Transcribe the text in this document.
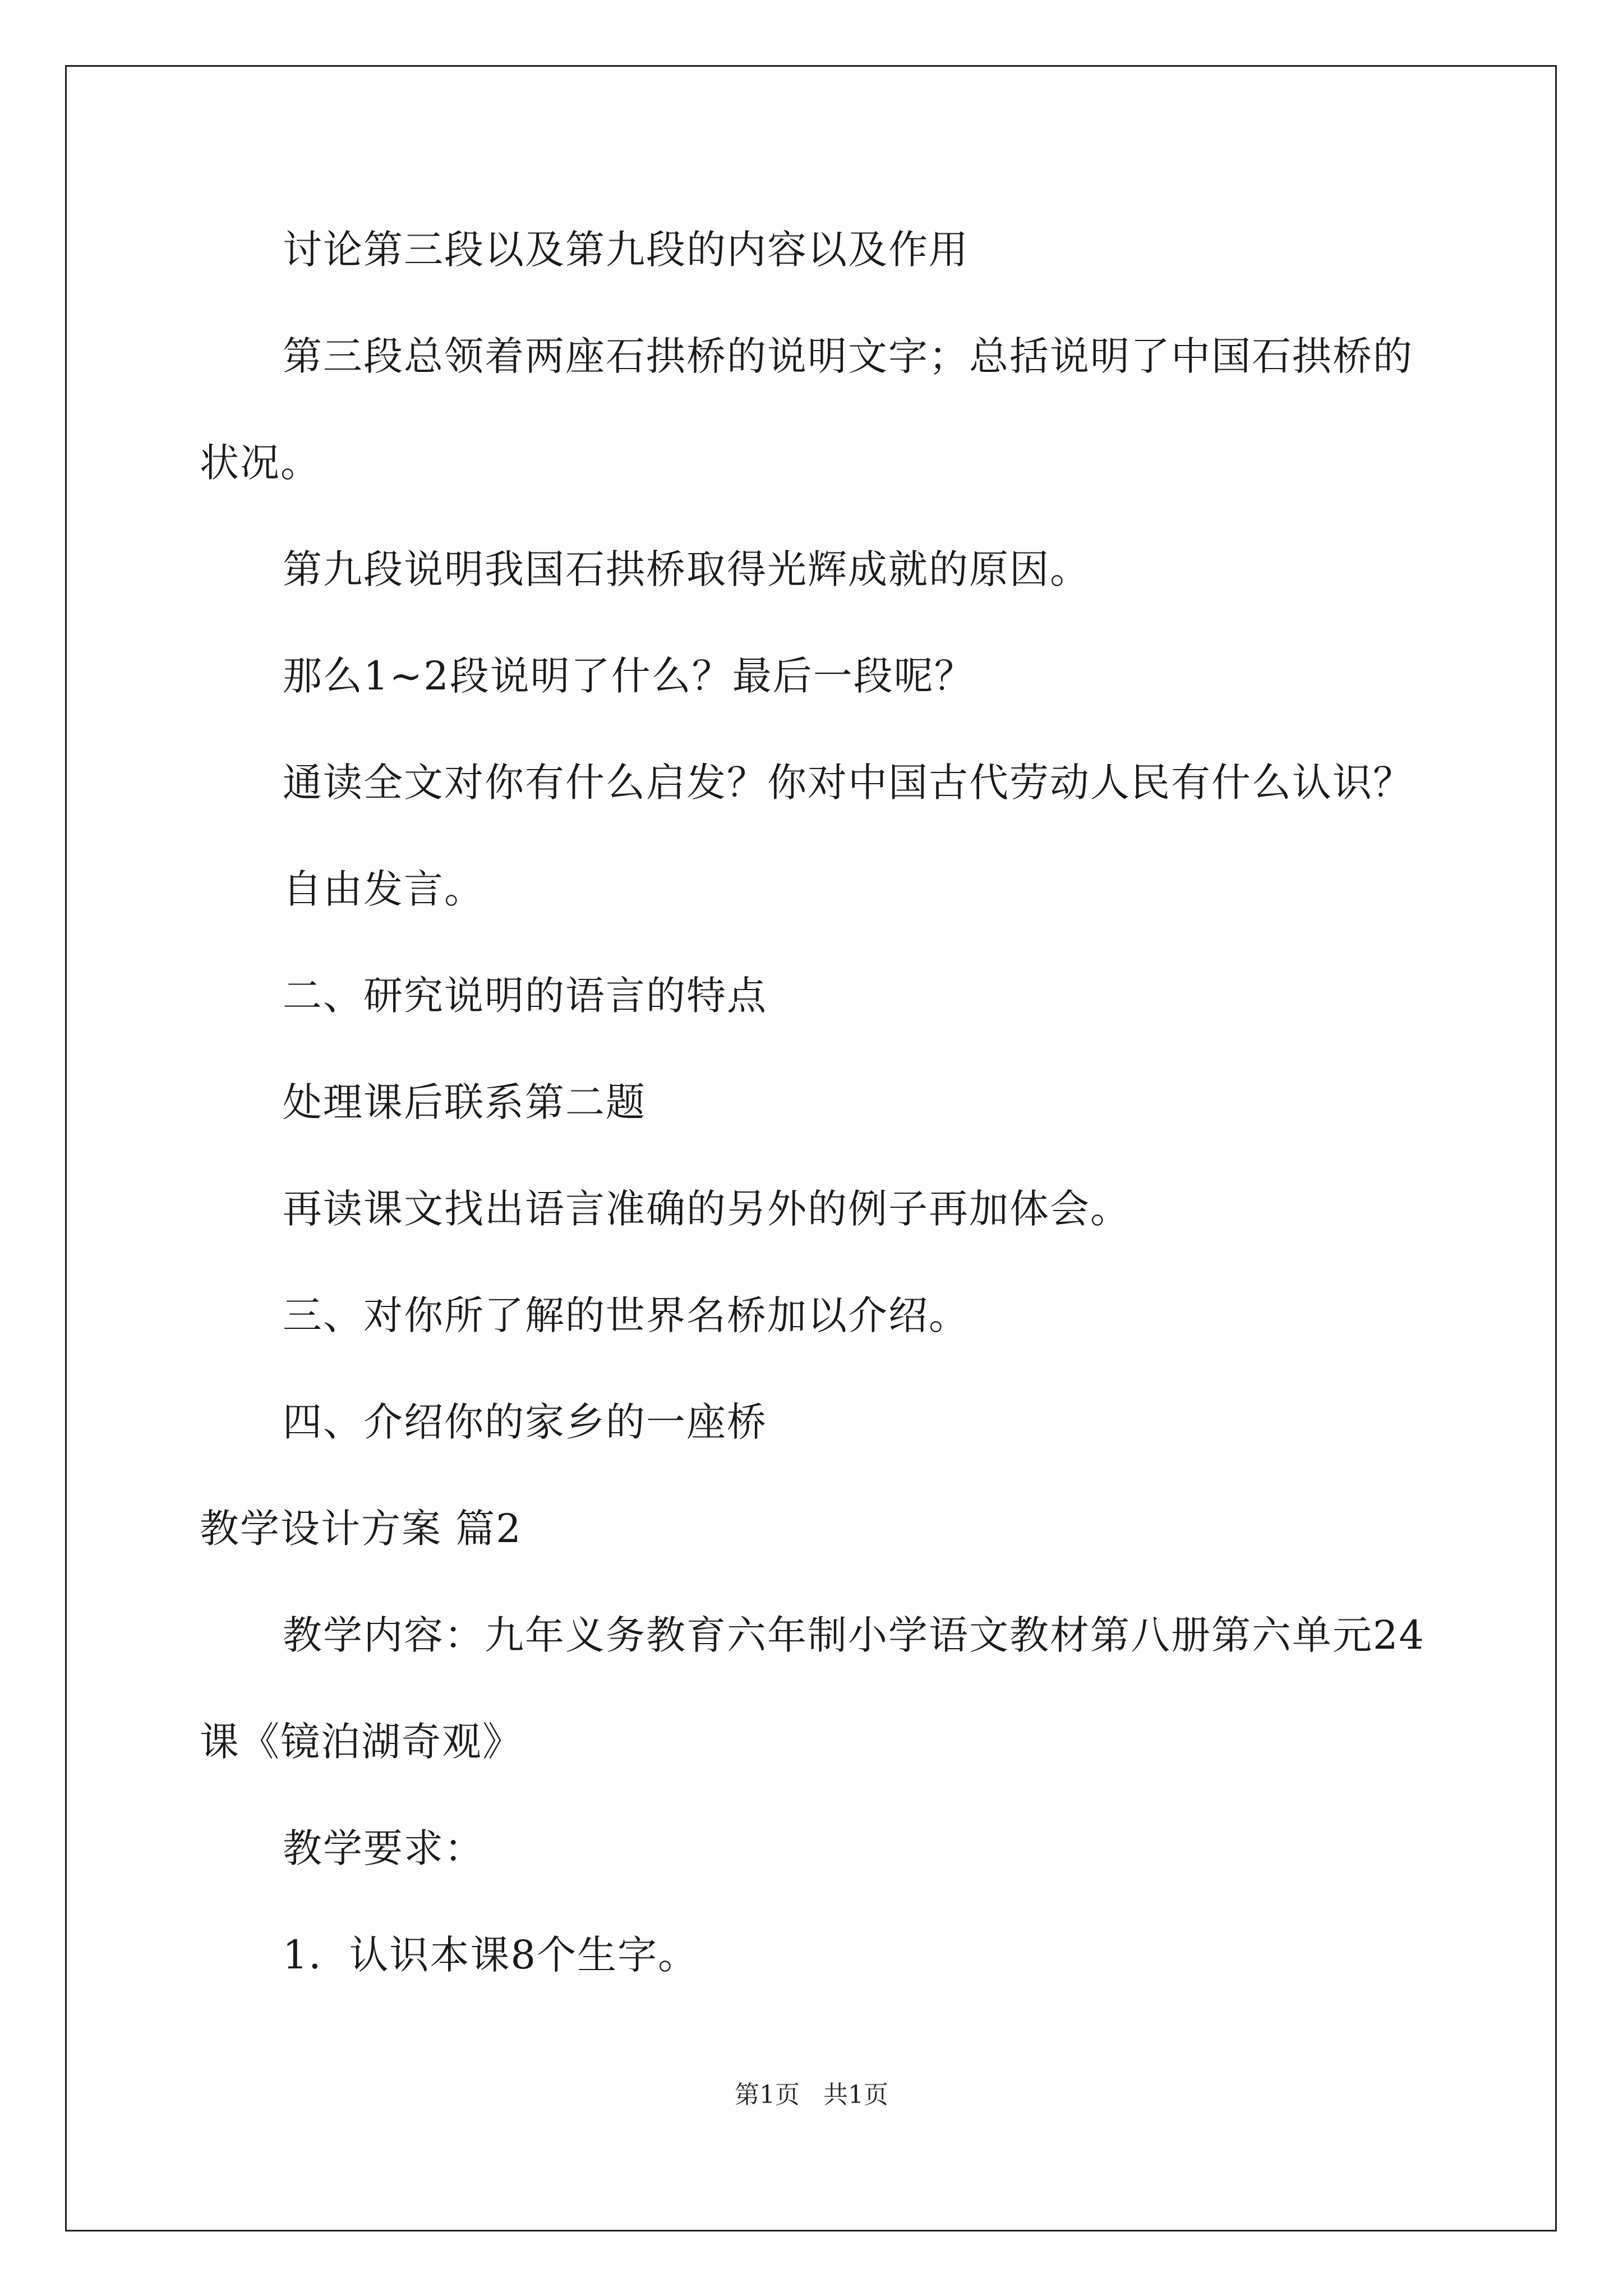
讨论第三段以及第九段的内容以及作用
第三段总领着两座石拱桥的说明文字；总括说明了中国石拱桥的
状况。
第九段说明我国石拱桥取得光辉成就的原因。
那么1~2段说明了什么？最后一段呢？
通读全文对你有什么启发？你对中国古代劳动人民有什么认识？
自由发言。
二、研究说明的语言的特点
处理课后联系第二题
再读课文找出语言准确的另外的例子再加体会。
三、对你所了解的世界名桥加以介绍。
四、介绍你的家乡的一座桥
教学设计方案 篇2
教学内容：九年义务教育六年制小学语文教材第八册第六单元24
课《镜泊湖奇观》
教学要求：
1．认识本课8个生字。
第1页 共1页
